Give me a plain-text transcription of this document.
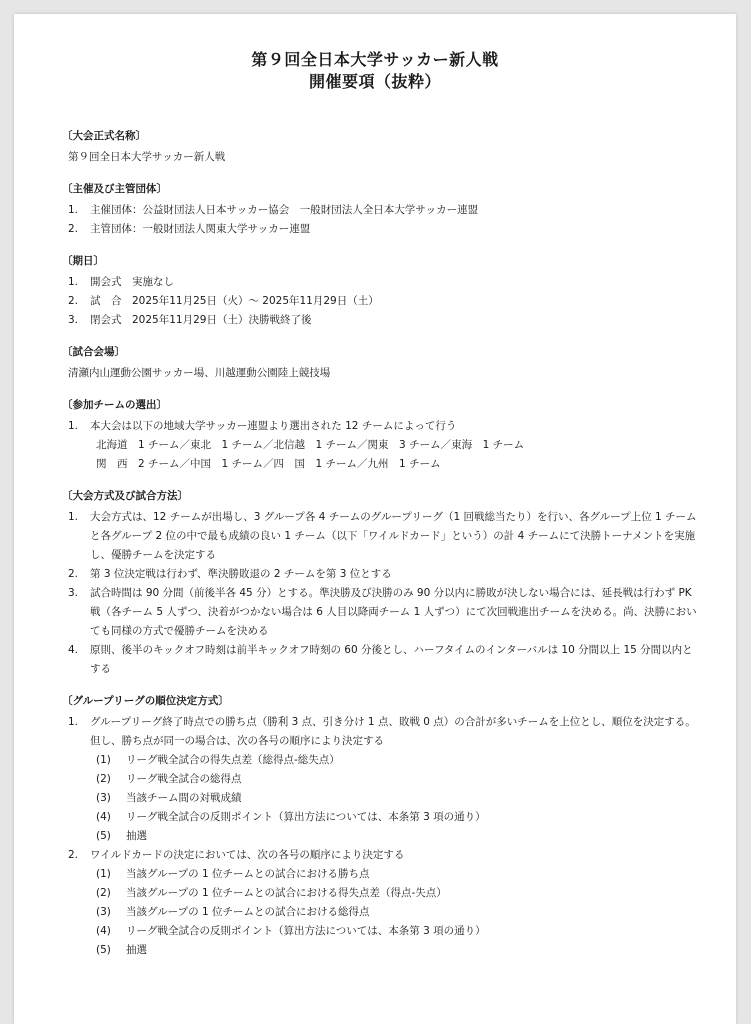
第９回全日本大学サッカー新人戦
開催要項（抜粋）
〔大会正式名称〕
第９回全日本大学サッカー新人戦
〔主催及び主管団体〕
1.	主催団体：公益財団法人日本サッカー協会　一般財団法人全日本大学サッカー連盟
2.	主管団体：一般財団法人関東大学サッカー連盟
〔期日〕
1.	開会式　実施なし
2.	試　合　2025年11月25日（火）～ 2025年11月29日（土）
3.	閉会式　2025年11月29日（土）決勝戦終了後
〔試合会場〕
清瀬内山運動公園サッカー場、川越運動公園陸上競技場
〔参加チームの選出〕
1.	本大会は以下の地域大学サッカー連盟より選出された 12 チームによって行う
北海道　1 チーム／東北　1 チーム／北信越　1 チーム／関東　3 チーム／東海　1 チーム
関　西　2 チーム／中国　1 チーム／四　国　1 チーム／九州　1 チーム
〔大会方式及び試合方法〕
1.	大会方式は、12 チームが出場し、3 グループ各 4 チームのグループリーグ（1 回戦総当たり）を行い、各グループ上位 1 チームと各グループ 2 位の中で最も成績の良い 1 チーム（以下「ワイルドカード」という）の計 4 チームにて決勝トーナメントを実施し、優勝チームを決定する
2.	第 3 位決定戦は行わず、準決勝敗退の 2 チームを第 3 位とする
3.	試合時間は 90 分間（前後半各 45 分）とする。準決勝及び決勝のみ 90 分以内に勝敗が決しない場合には、延長戦は行わず PK 戦（各チーム 5 人ずつ、決着がつかない場合は 6 人目以降両チーム 1 人ずつ）にて次回戦進出チームを決める。尚、決勝においても同様の方式で優勝チームを決める
4.	原則、後半のキックオフ時刻は前半キックオフ時刻の 60 分後とし、ハーフタイムのインターバルは 10 分間以上 15 分間以内とする
〔グループリーグの順位決定方式〕
1.	グループリーグ終了時点での勝ち点（勝利 3 点、引き分け 1 点、敗戦 0 点）の合計が多いチームを上位とし、順位を決定する。但し、勝ち点が同一の場合は、次の各号の順序により決定する
(1)	リーグ戦全試合の得失点差（総得点-総失点）
(2)	リーグ戦全試合の総得点
(3)	当該チーム間の対戦成績
(4)	リーグ戦全試合の反則ポイント（算出方法については、本条第 3 項の通り）
(5)	抽選
2.	ワイルドカードの決定においては、次の各号の順序により決定する
(1)	当該グループの 1 位チームとの試合における勝ち点
(2)	当該グループの 1 位チームとの試合における得失点差（得点-失点）
(3)	当該グループの 1 位チームとの試合における総得点
(4)	リーグ戦全試合の反則ポイント（算出方法については、本条第 3 項の通り）
(5)	抽選
